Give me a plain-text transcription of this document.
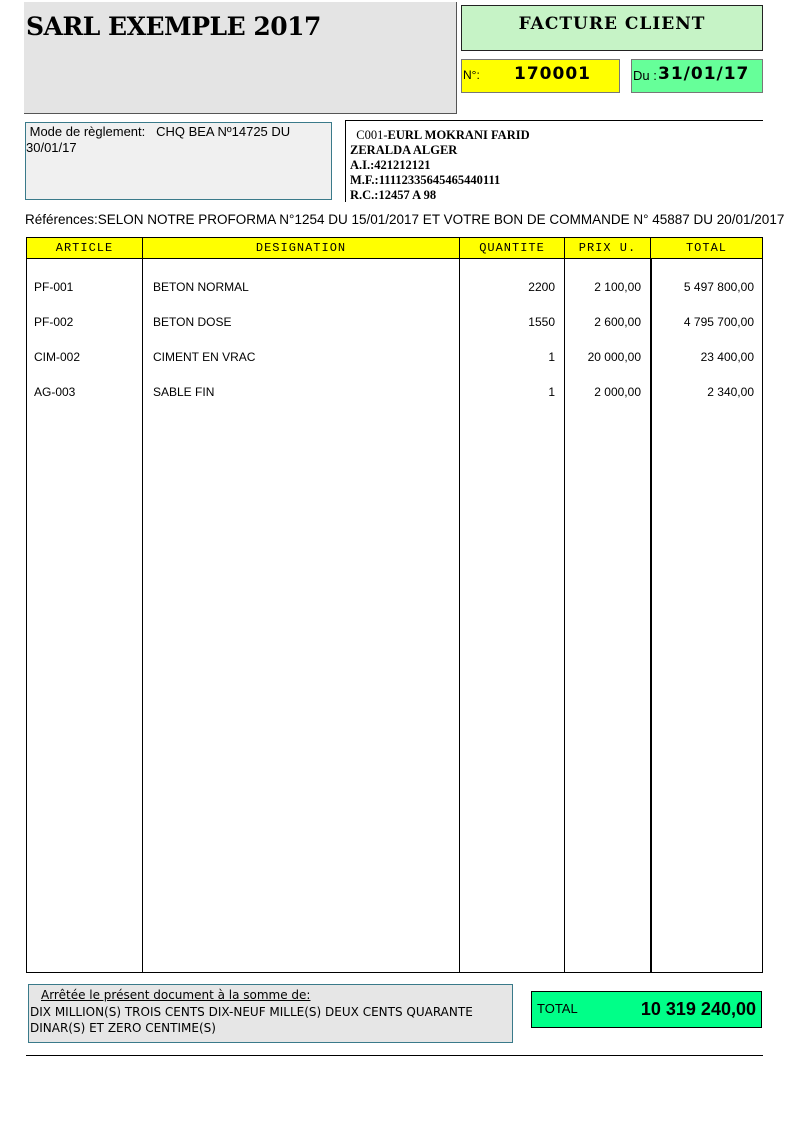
SARL EXEMPLE 2017	FACTURE CLIENT
N°: 170001	Du : 31/01/17
Mode de règlement: CHQ BEA Nº14725 DU 30/01/17
C001-EURL MOKRANI FARID
ZERALDA ALGER
A.I.:421212121
M.F.:11112335645465440111
R.C.:12457 A 98
Références:SELON NOTRE PROFORMA N°1254 DU 15/01/2017 ET VOTRE BON DE COMMANDE N° 45887 DU 20/01/2017
ARTICLE	DESIGNATION	QUANTITE	PRIX U.	TOTAL
PF-001	BETON NORMAL	2200	2 100,00	5 497 800,00
PF-002	BETON DOSE	1550	2 600,00	4 795 700,00
CIM-002	CIMENT EN VRAC	1	20 000,00	23 400,00
AG-003	SABLE FIN	1	2 000,00	2 340,00
Arrêtée le présent document à la somme de:
DIX MILLION(S) TROIS CENTS DIX-NEUF MILLE(S) DEUX CENTS QUARANTE
DINAR(S) ET ZERO CENTIME(S)
TOTAL	10 319 240,00
